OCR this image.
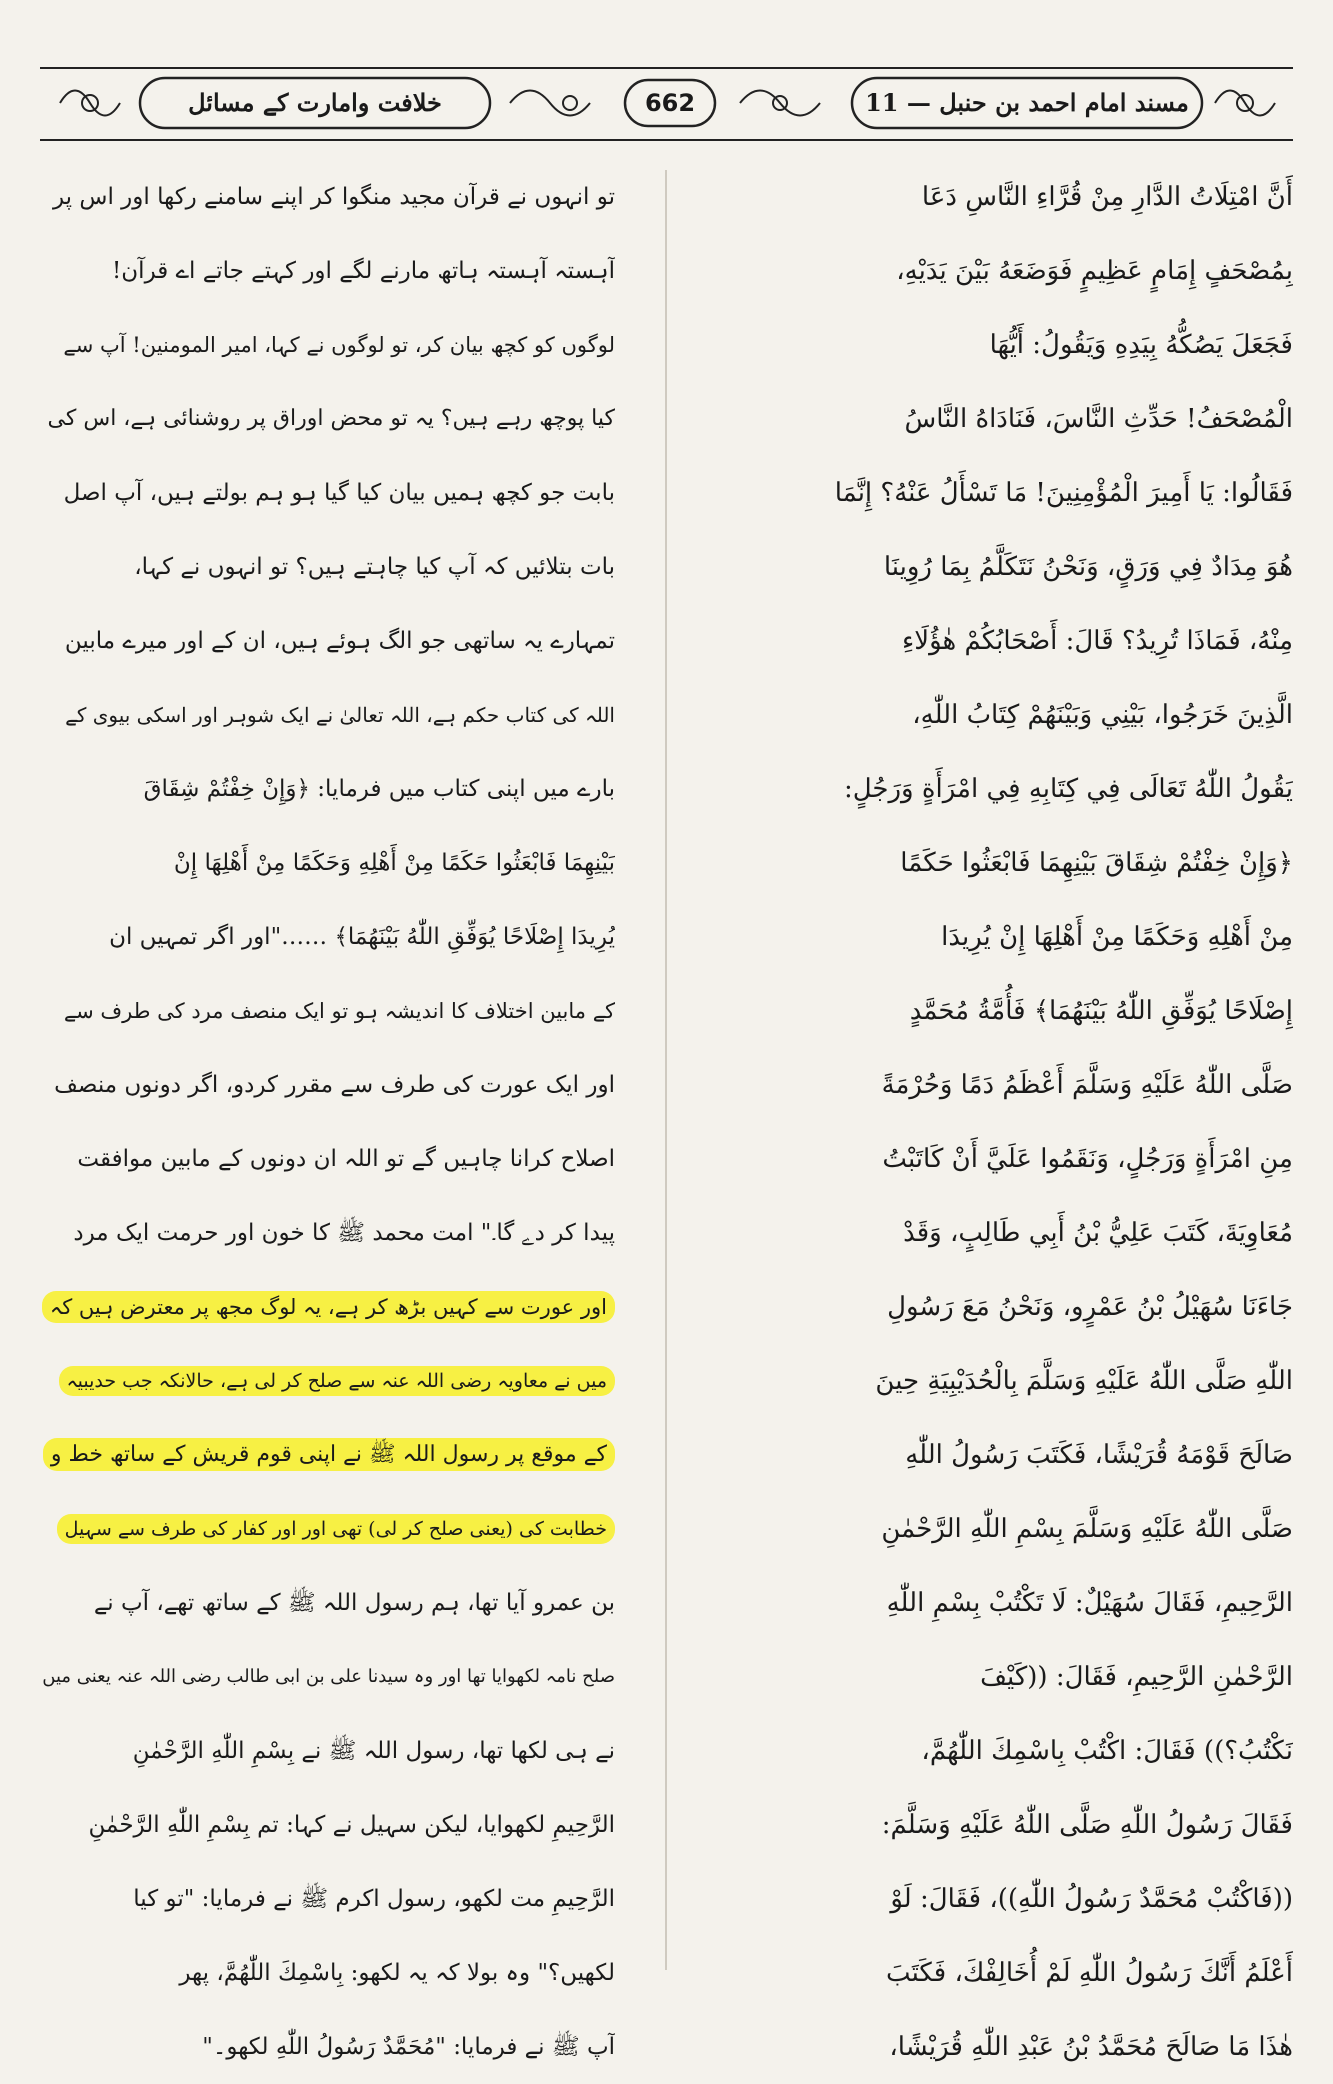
خلافت وامارت کے مسائل	662	مسند امام احمد بن حنبل — 11
أَنَّ امْتِلَاتُ الدَّارِ مِنْ قُرَّاءِ النَّاسِ دَعَا
بِمُصْحَفٍ إِمَامٍ عَظِيمٍ فَوَضَعَهُ بَيْنَ يَدَيْهِ،
فَجَعَلَ يَصُكُّهُ بِيَدِهِ وَيَقُولُ: أَيُّهَا
الْمُصْحَفُ! حَدِّثِ النَّاسَ، فَنَادَاهُ النَّاسُ
فَقَالُوا: يَا أَمِيرَ الْمُؤْمِنِينَ! مَا تَسْأَلُ عَنْهُ؟ إِنَّمَا
هُوَ مِدَادٌ فِي وَرَقٍ، وَنَحْنُ نَتَكَلَّمُ بِمَا رُوِينَا
مِنْهُ، فَمَاذَا تُرِيدُ؟ قَالَ: أَصْحَابُكُمْ هٰؤُلَاءِ
الَّذِينَ خَرَجُوا، بَيْنِي وَبَيْنَهُمْ كِتَابُ اللّٰهِ،
يَقُولُ اللّٰهُ تَعَالَى فِي كِتَابِهِ فِي امْرَأَةٍ وَرَجُلٍ:
﴿وَإِنْ خِفْتُمْ شِقَاقَ بَيْنِهِمَا فَابْعَثُوا حَكَمًا
مِنْ أَهْلِهِ وَحَكَمًا مِنْ أَهْلِهَا إِنْ يُرِيدَا
إِصْلَاحًا يُوَفِّقِ اللّٰهُ بَيْنَهُمَا﴾ فَأُمَّةُ مُحَمَّدٍ
صَلَّى اللّٰهُ عَلَيْهِ وَسَلَّمَ أَعْظَمُ دَمًا وَحُرْمَةً
مِنِ امْرَأَةٍ وَرَجُلٍ، وَنَقَمُوا عَلَيَّ أَنْ كَاتَبْتُ
مُعَاوِيَةَ، كَتَبَ عَلِيُّ بْنُ أَبِي طَالِبٍ، وَقَدْ
جَاءَنَا سُهَيْلُ بْنُ عَمْرٍو، وَنَحْنُ مَعَ رَسُولِ
اللّٰهِ صَلَّى اللّٰهُ عَلَيْهِ وَسَلَّمَ بِالْحُدَيْبِيَةِ حِينَ
صَالَحَ قَوْمَهُ قُرَيْشًا، فَكَتَبَ رَسُولُ اللّٰهِ
صَلَّى اللّٰهُ عَلَيْهِ وَسَلَّمَ بِسْمِ اللّٰهِ الرَّحْمٰنِ
الرَّحِيمِ، فَقَالَ سُهَيْلٌ: لَا تَكْتُبْ بِسْمِ اللّٰهِ
الرَّحْمٰنِ الرَّحِيمِ، فَقَالَ: ((كَيْفَ
نَكْتُبُ؟)) فَقَالَ: اكْتُبْ بِاسْمِكَ اللّٰهُمَّ،
فَقَالَ رَسُولُ اللّٰهِ صَلَّى اللّٰهُ عَلَيْهِ وَسَلَّمَ:
((فَاكْتُبْ مُحَمَّدٌ رَسُولُ اللّٰهِ))، فَقَالَ: لَوْ
أَعْلَمُ أَنَّكَ رَسُولُ اللّٰهِ لَمْ أُخَالِفْكَ، فَكَتَبَ
هٰذَا مَا صَالَحَ مُحَمَّدُ بْنُ عَبْدِ اللّٰهِ قُرَيْشًا،
تو انہوں نے قرآن مجید منگوا کر اپنے سامنے رکھا اور اس پر
آہستہ آہستہ ہاتھ مارنے لگے اور کہتے جاتے اے قرآن!
لوگوں کو کچھ بیان کر، تو لوگوں نے کہا، امیر المومنین! آپ سے
کیا پوچھ رہے ہیں؟ یہ تو محض اوراق پر روشنائی ہے، اس کی
بابت جو کچھ ہمیں بیان کیا گیا ہو ہم بولتے ہیں، آپ اصل
بات بتلائیں کہ آپ کیا چاہتے ہیں؟ تو انہوں نے کہا،
تمہارے یہ ساتھی جو الگ ہوئے ہیں، ان کے اور میرے مابین
اللہ کی کتاب حکم ہے، اللہ تعالیٰ نے ایک شوہر اور اسکی بیوی کے
بارے میں اپنی کتاب میں فرمایا: ﴿وَإِنْ خِفْتُمْ شِقَاقَ
بَيْنِهِمَا فَابْعَثُوا حَكَمًا مِنْ أَهْلِهِ وَحَكَمًا مِنْ أَهْلِهَا إِنْ
يُرِيدَا إِصْلَاحًا يُوَفِّقِ اللّٰهُ بَيْنَهُمَا﴾ ……"اور اگر تمہیں ان
کے مابین اختلاف کا اندیشہ ہو تو ایک منصف مرد کی طرف سے
اور ایک عورت کی طرف سے مقرر کردو، اگر دونوں منصف
اصلاح کرانا چاہیں گے تو اللہ ان دونوں کے مابین موافقت
پیدا کر دے گا۔" امت محمد ﷺ کا خون اور حرمت ایک مرد
اور عورت سے کہیں بڑھ کر ہے، یہ لوگ مجھ پر معترض ہیں کہ
میں نے معاویہ رضی اللہ عنہ سے صلح کر لی ہے، حالانکہ جب حدیبیہ
کے موقع پر رسول اللہ ﷺ نے اپنی قوم قریش کے ساتھ خط و
خطابت کی (یعنی صلح کر لی) تھی اور اور کفار کی طرف سے سہیل
بن عمرو آیا تھا، ہم رسول اللہ ﷺ کے ساتھ تھے، آپ نے
صلح نامہ لکھوایا تھا اور وہ سیدنا علی بن ابی طالب رضی اللہ عنہ یعنی میں
نے ہی لکھا تھا، رسول اللہ ﷺ نے بِسْمِ اللّٰهِ الرَّحْمٰنِ
الرَّحِيمِ لکھوایا، لیکن سہیل نے کہا: تم بِسْمِ اللّٰهِ الرَّحْمٰنِ
الرَّحِيمِ مت لکھو، رسول اکرم ﷺ نے فرمایا: "تو کیا
لکھیں؟" وہ بولا کہ یہ لکھو: بِاسْمِكَ اللّٰهُمَّ، پھر
آپ ﷺ نے فرمایا: "مُحَمَّدٌ رَسُولُ اللّٰهِ لکھو۔"
